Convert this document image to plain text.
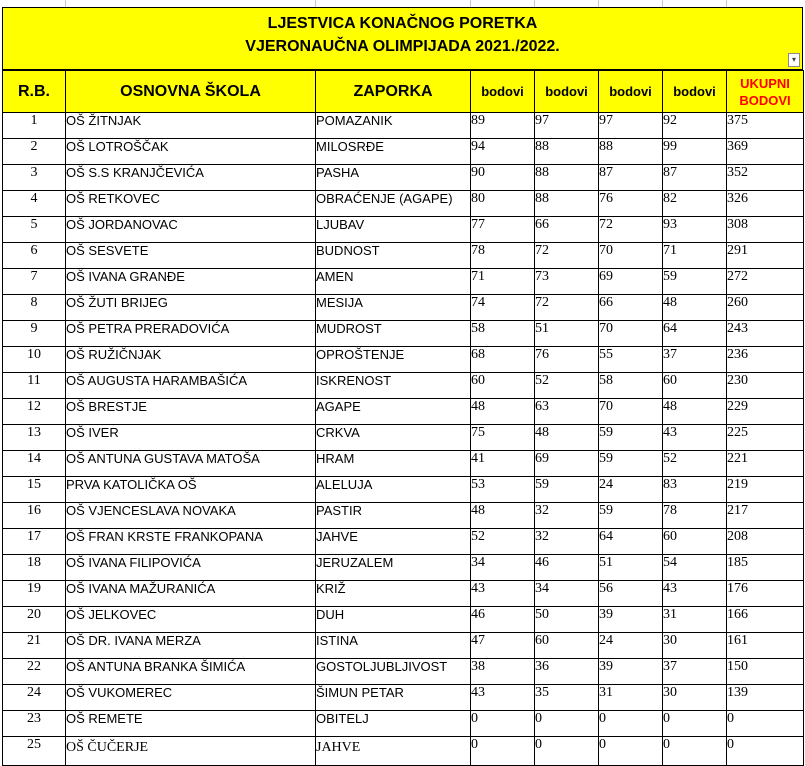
LJESTVICA KONAČNOG PORETKA
VJERONAUČNA OLIMPIJADA 2021./2022.
▾
R.B.	OSNOVNA ŠKOLA	ZAPORKA	bodovi	bodovi	bodovi	bodovi	UKUPNI
BODOVI

1	OŠ ŽITNJAK	POMAZANIK	89	97	97	92	375
2	OŠ LOTROŠČAK	MILOSRĐE	94	88	88	99	369
3	OŠ S.S KRANJČEVIĆA	PASHA	90	88	87	87	352
4	OŠ RETKOVEC	OBRAĆENJE (AGAPE)	80	88	76	82	326
5	OŠ JORDANOVAC	LJUBAV	77	66	72	93	308
6	OŠ SESVETE	BUDNOST	78	72	70	71	291
7	OŠ IVANA GRANĐE	AMEN	71	73	69	59	272
8	OŠ ŽUTI BRIJEG	MESIJA	74	72	66	48	260
9	OŠ PETRA PRERADOVIĆA	MUDROST	58	51	70	64	243
10	OŠ RUŽIČNJAK	OPROŠTENJE	68	76	55	37	236
11	OŠ AUGUSTA HARAMBAŠIĆA	ISKRENOST	60	52	58	60	230
12	OŠ BRESTJE	AGAPE	48	63	70	48	229
13	OŠ IVER	CRKVA	75	48	59	43	225
14	OŠ ANTUNA GUSTAVA MATOŠA	HRAM	41	69	59	52	221
15	PRVA KATOLIČKA OŠ	ALELUJA	53	59	24	83	219
16	OŠ VJENCESLAVA NOVAKA	PASTIR	48	32	59	78	217
17	OŠ FRAN KRSTE FRANKOPANA	JAHVE	52	32	64	60	208
18	OŠ IVANA FILIPOVIĆA	JERUZALEM	34	46	51	54	185
19	OŠ IVANA MAŽURANIĆA	KRIŽ	43	34	56	43	176
20	OŠ JELKOVEC	DUH	46	50	39	31	166
21	OŠ DR. IVANA MERZA	ISTINA	47	60	24	30	161
22	OŠ ANTUNA BRANKA ŠIMIĆA	GOSTOLJUBLJIVOST	38	36	39	37	150
24	OŠ VUKOMEREC	ŠIMUN PETAR	43	35	31	30	139
23	OŠ REMETE	OBITELJ	0	0	0	0	0
25	OŠ ČUČERJE	JAHVE	0	0	0	0	0
